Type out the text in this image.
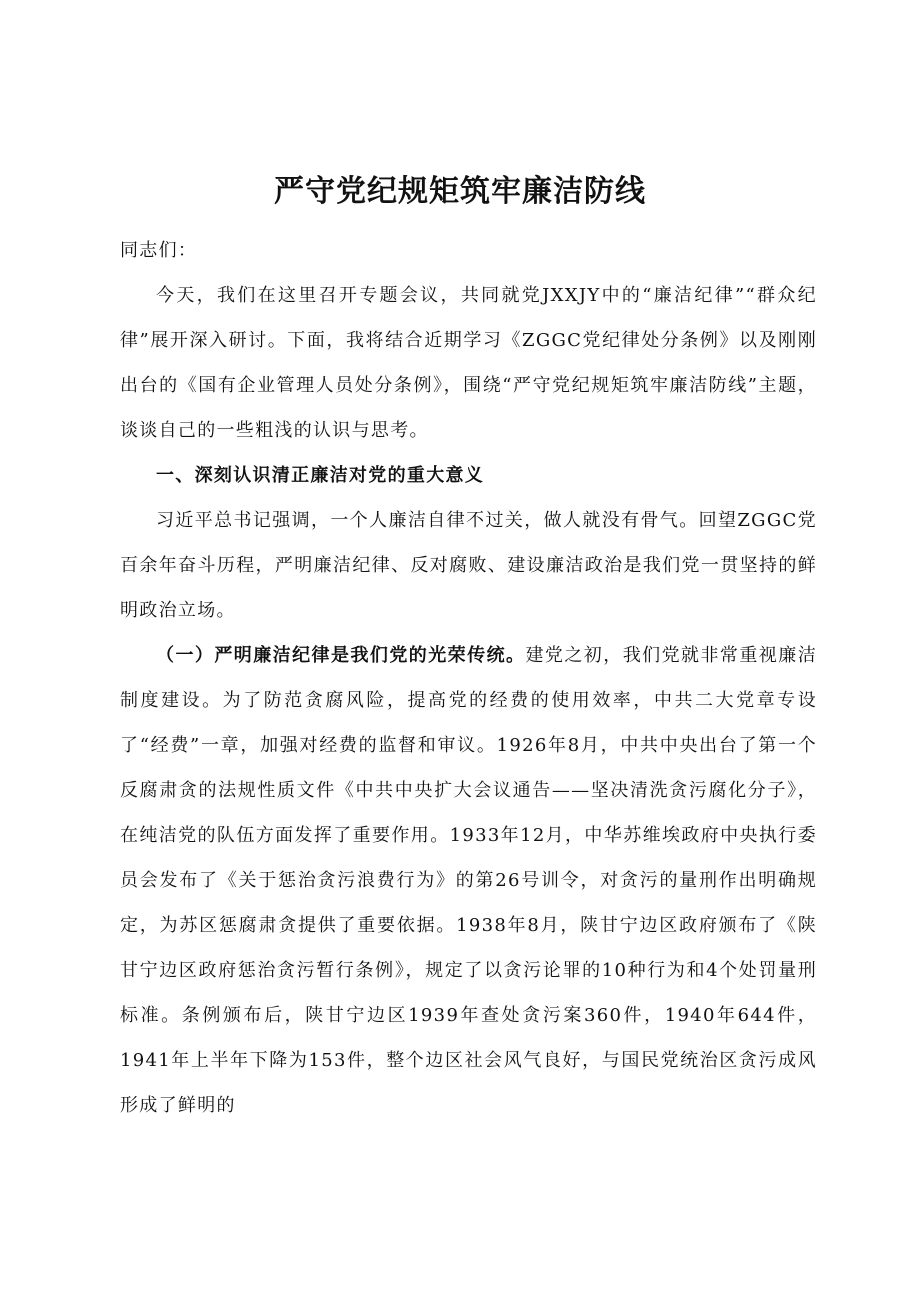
严守党纪规矩筑牢廉洁防线

同志们：

今天，我们在这里召开专题会议，共同就党JXXJY中的“廉洁纪律”“群众纪律”展开深入研讨。下面，我将结合近期学习《ZGGC党纪律处分条例》以及刚刚出台的《国有企业管理人员处分条例》，围绕“严守党纪规矩筑牢廉洁防线”主题，谈谈自己的一些粗浅的认识与思考。

一、深刻认识清正廉洁对党的重大意义

习近平总书记强调，一个人廉洁自律不过关，做人就没有骨气。回望ZGGC党百余年奋斗历程，严明廉洁纪律、反对腐败、建设廉洁政治是我们党一贯坚持的鲜明政治立场。

（一）严明廉洁纪律是我们党的光荣传统。建党之初，我们党就非常重视廉洁制度建设。为了防范贪腐风险，提高党的经费的使用效率，中共二大党章专设了“经费”一章，加强对经费的监督和审议。1926年8月，中共中央出台了第一个反腐肃贪的法规性质文件《中共中央扩大会议通告——坚决清洗贪污腐化分子》，在纯洁党的队伍方面发挥了重要作用。1933年12月，中华苏维埃政府中央执行委员会发布了《关于惩治贪污浪费行为》的第26号训令，对贪污的量刑作出明确规定，为苏区惩腐肃贪提供了重要依据。1938年8月，陕甘宁边区政府颁布了《陕甘宁边区政府惩治贪污暂行条例》，规定了以贪污论罪的10种行为和4个处罚量刑标准。条例颁布后，陕甘宁边区1939年查处贪污案360件，1940年644件，1941年上半年下降为153件，整个边区社会风气良好，与国民党统治区贪污成风形成了鲜明的
